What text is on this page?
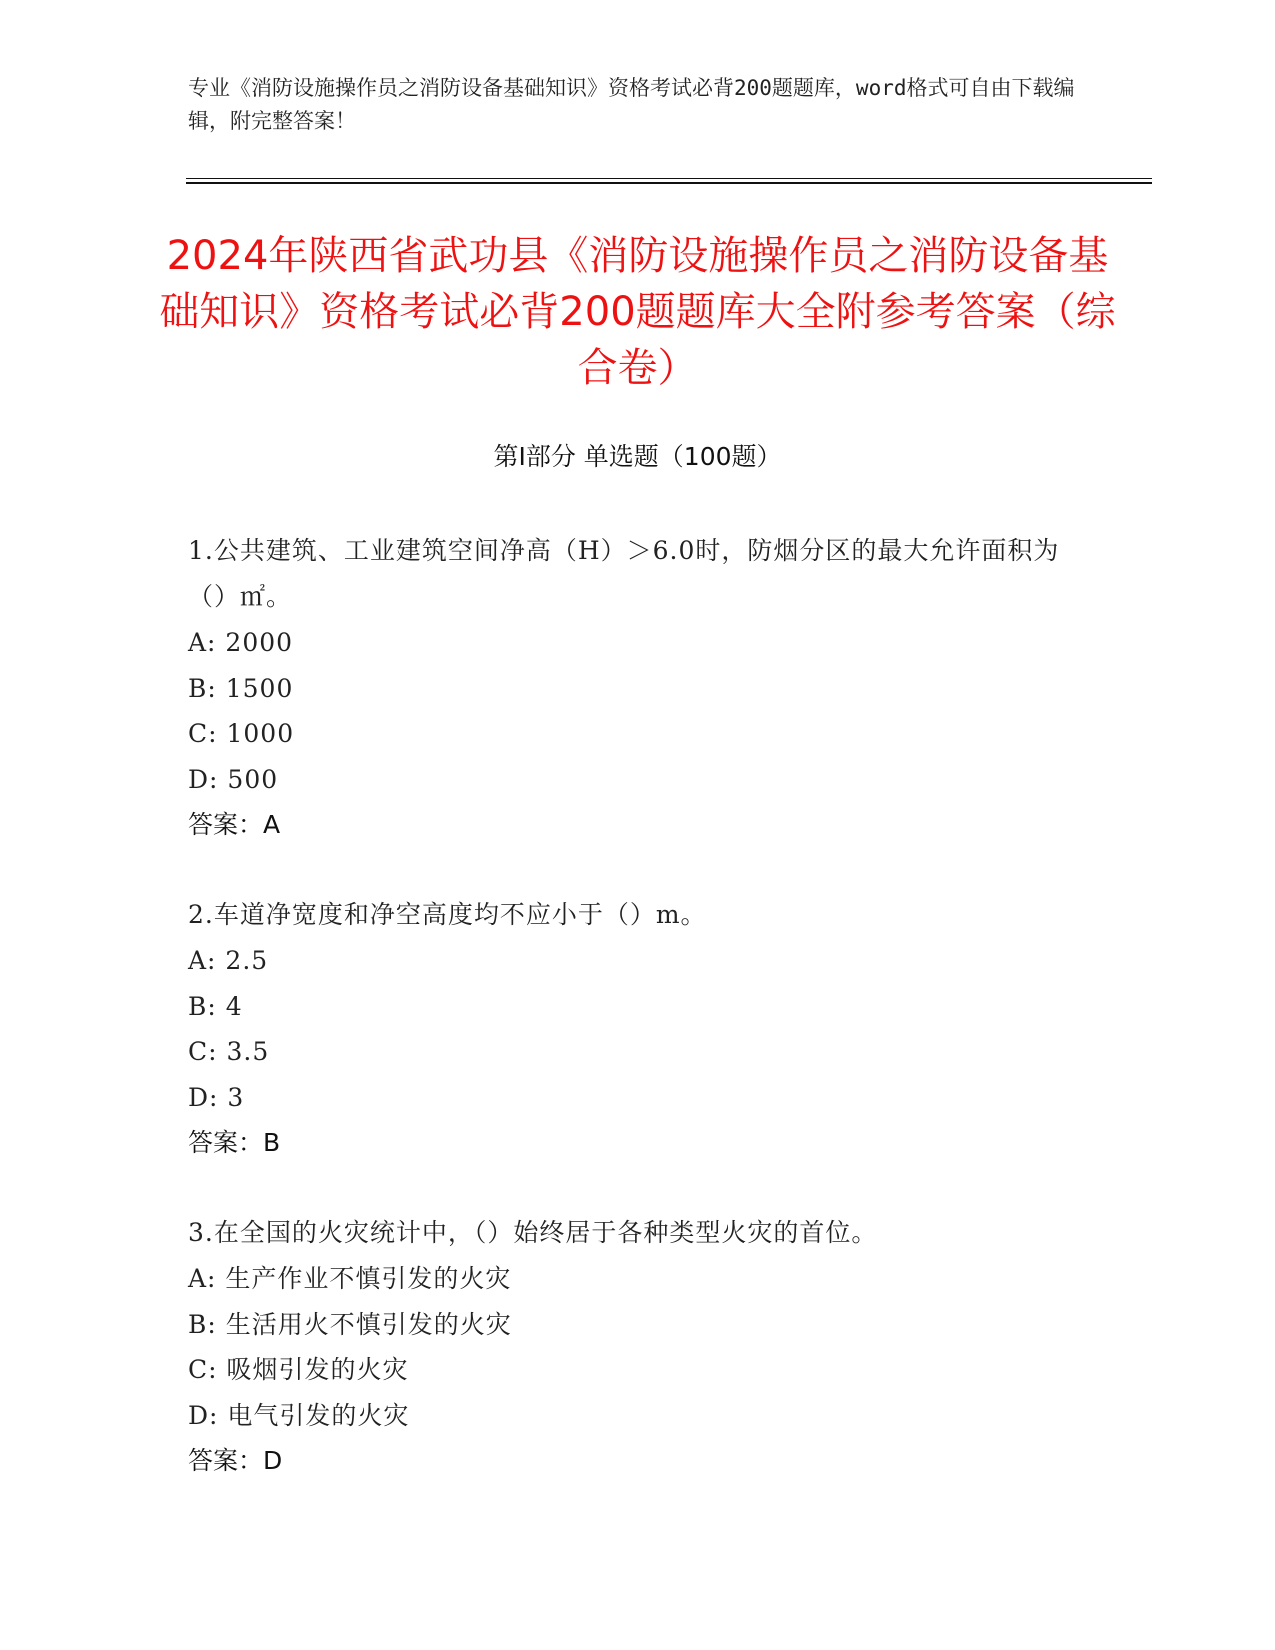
专业《消防设施操作员之消防设备基础知识》资格考试必背200题题库，word格式可自由下载编辑，附完整答案！
2024年陕西省武功县《消防设施操作员之消防设备基础知识》资格考试必背200题题库大全附参考答案（综合卷）
第I部分 单选题（100题）
1.公共建筑、工业建筑空间净高（H）＞6.0时，防烟分区的最大允许面积为（）㎡。
A: 2000
B: 1500
C: 1000
D: 500
答案：A
2.车道净宽度和净空高度均不应小于（）m。
A: 2.5
B: 4
C: 3.5
D: 3
答案：B
3.在全国的火灾统计中，（）始终居于各种类型火灾的首位。
A: 生产作业不慎引发的火灾
B: 生活用火不慎引发的火灾
C: 吸烟引发的火灾
D: 电气引发的火灾
答案：D
